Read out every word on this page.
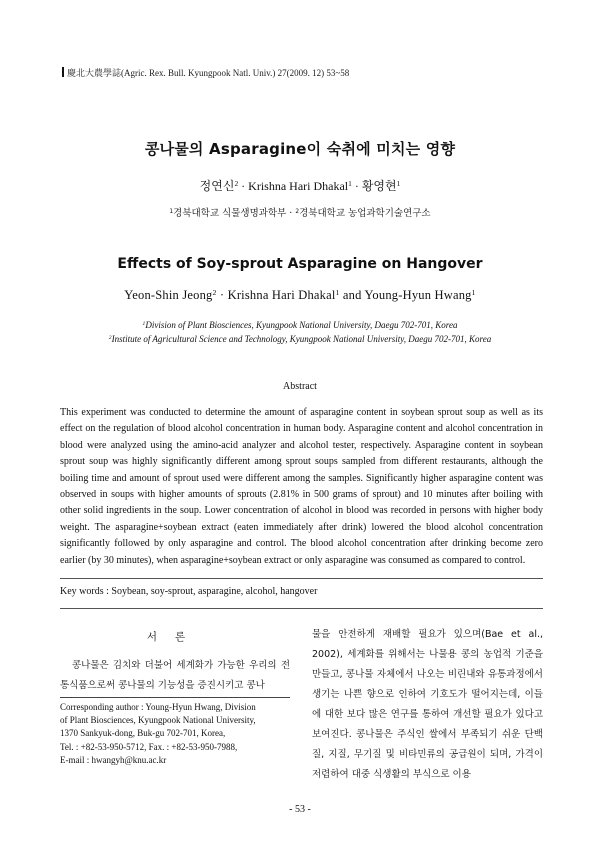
慶北大農學誌(Agric. Rex. Bull. Kyungpook Natl. Univ.) 27(2009. 12) 53~58
콩나물의 Asparagine이 숙취에 미치는 영향
정연신$^2$ · Krishna Hari Dhakal$^1$ · 황영현$^1$
$^1$경북대학교 식물생명과학부 · $^2$경북대학교 농업과학기술연구소
Effects of Soy-sprout Asparagine on Hangover
Yeon-Shin Jeong$^2$ · Krishna Hari Dhakal$^1$ and Young-Hyun Hwang$^1$
$^1$Division of Plant Biosciences, Kyungpook National University, Daegu 702-701, Korea
$^2$Institute of Agricultural Science and Technology, Kyungpook National University, Daegu 702-701, Korea
Abstract
This experiment was conducted to determine the amount of asparagine content in soybean sprout soup as well as its effect on the regulation of blood alcohol concentration in human body. Asparagine content and alcohol concentration in blood were analyzed using the amino-acid analyzer and alcohol tester, respectively. Asparagine content in soybean sprout soup was highly significantly different among sprout soups sampled from different restaurants, although the boiling time and amount of sprout used were different among the samples. Significantly higher asparagine content was observed in soups with higher amounts of sprouts (2.81% in 500 grams of sprout) and 10 minutes after boiling with other solid ingredients in the soup. Lower concentration of alcohol in blood was recorded in persons with higher body weight. The asparagine+soybean extract (eaten immediately after drink) lowered the blood alcohol concentration significantly followed by only asparagine and control. The blood alcohol concentration after drinking become zero earlier (by 30 minutes), when asparagine+soybean extract or only asparagine was consumed as compared to control.
Key words : Soybean, soy-sprout, asparagine, alcohol, hangover
서론

콩나물은 김치와 더불어 세계화가 가능한 우리의 전통식품으로써 콩나물의 기능성을 증진시키고 콩나

Corresponding author : Young-Hyun Hwang, Division
of Plant Biosciences, Kyungpook National University,
1370 Sankyuk-dong, Buk-gu 702-701, Korea,
Tel. : +82-53-950-5712, Fax. : +82-53-950-7988,
E-mail : hwangyh@knu.ac.kr

물을 안전하게 재배할 필요가 있으며(Bae et al., 2002), 세계화를 위해서는 나물용 콩의 농업적 기준을 만들고, 콩나물 자체에서 나오는 비린내와 유통과정에서 생기는 나쁜 향으로 인하여 기호도가 떨어지는데, 이들에 대한 보다 많은 연구를 통하여 개선할 필요가 있다고 보여진다. 콩나물은 주식인 쌀에서 부족되기 쉬운 단백질, 지질, 무기질 및 비타민류의 공급원이 되며, 가격이 저렴하여 대중 식생활의 부식으로 이용

- 53 -
